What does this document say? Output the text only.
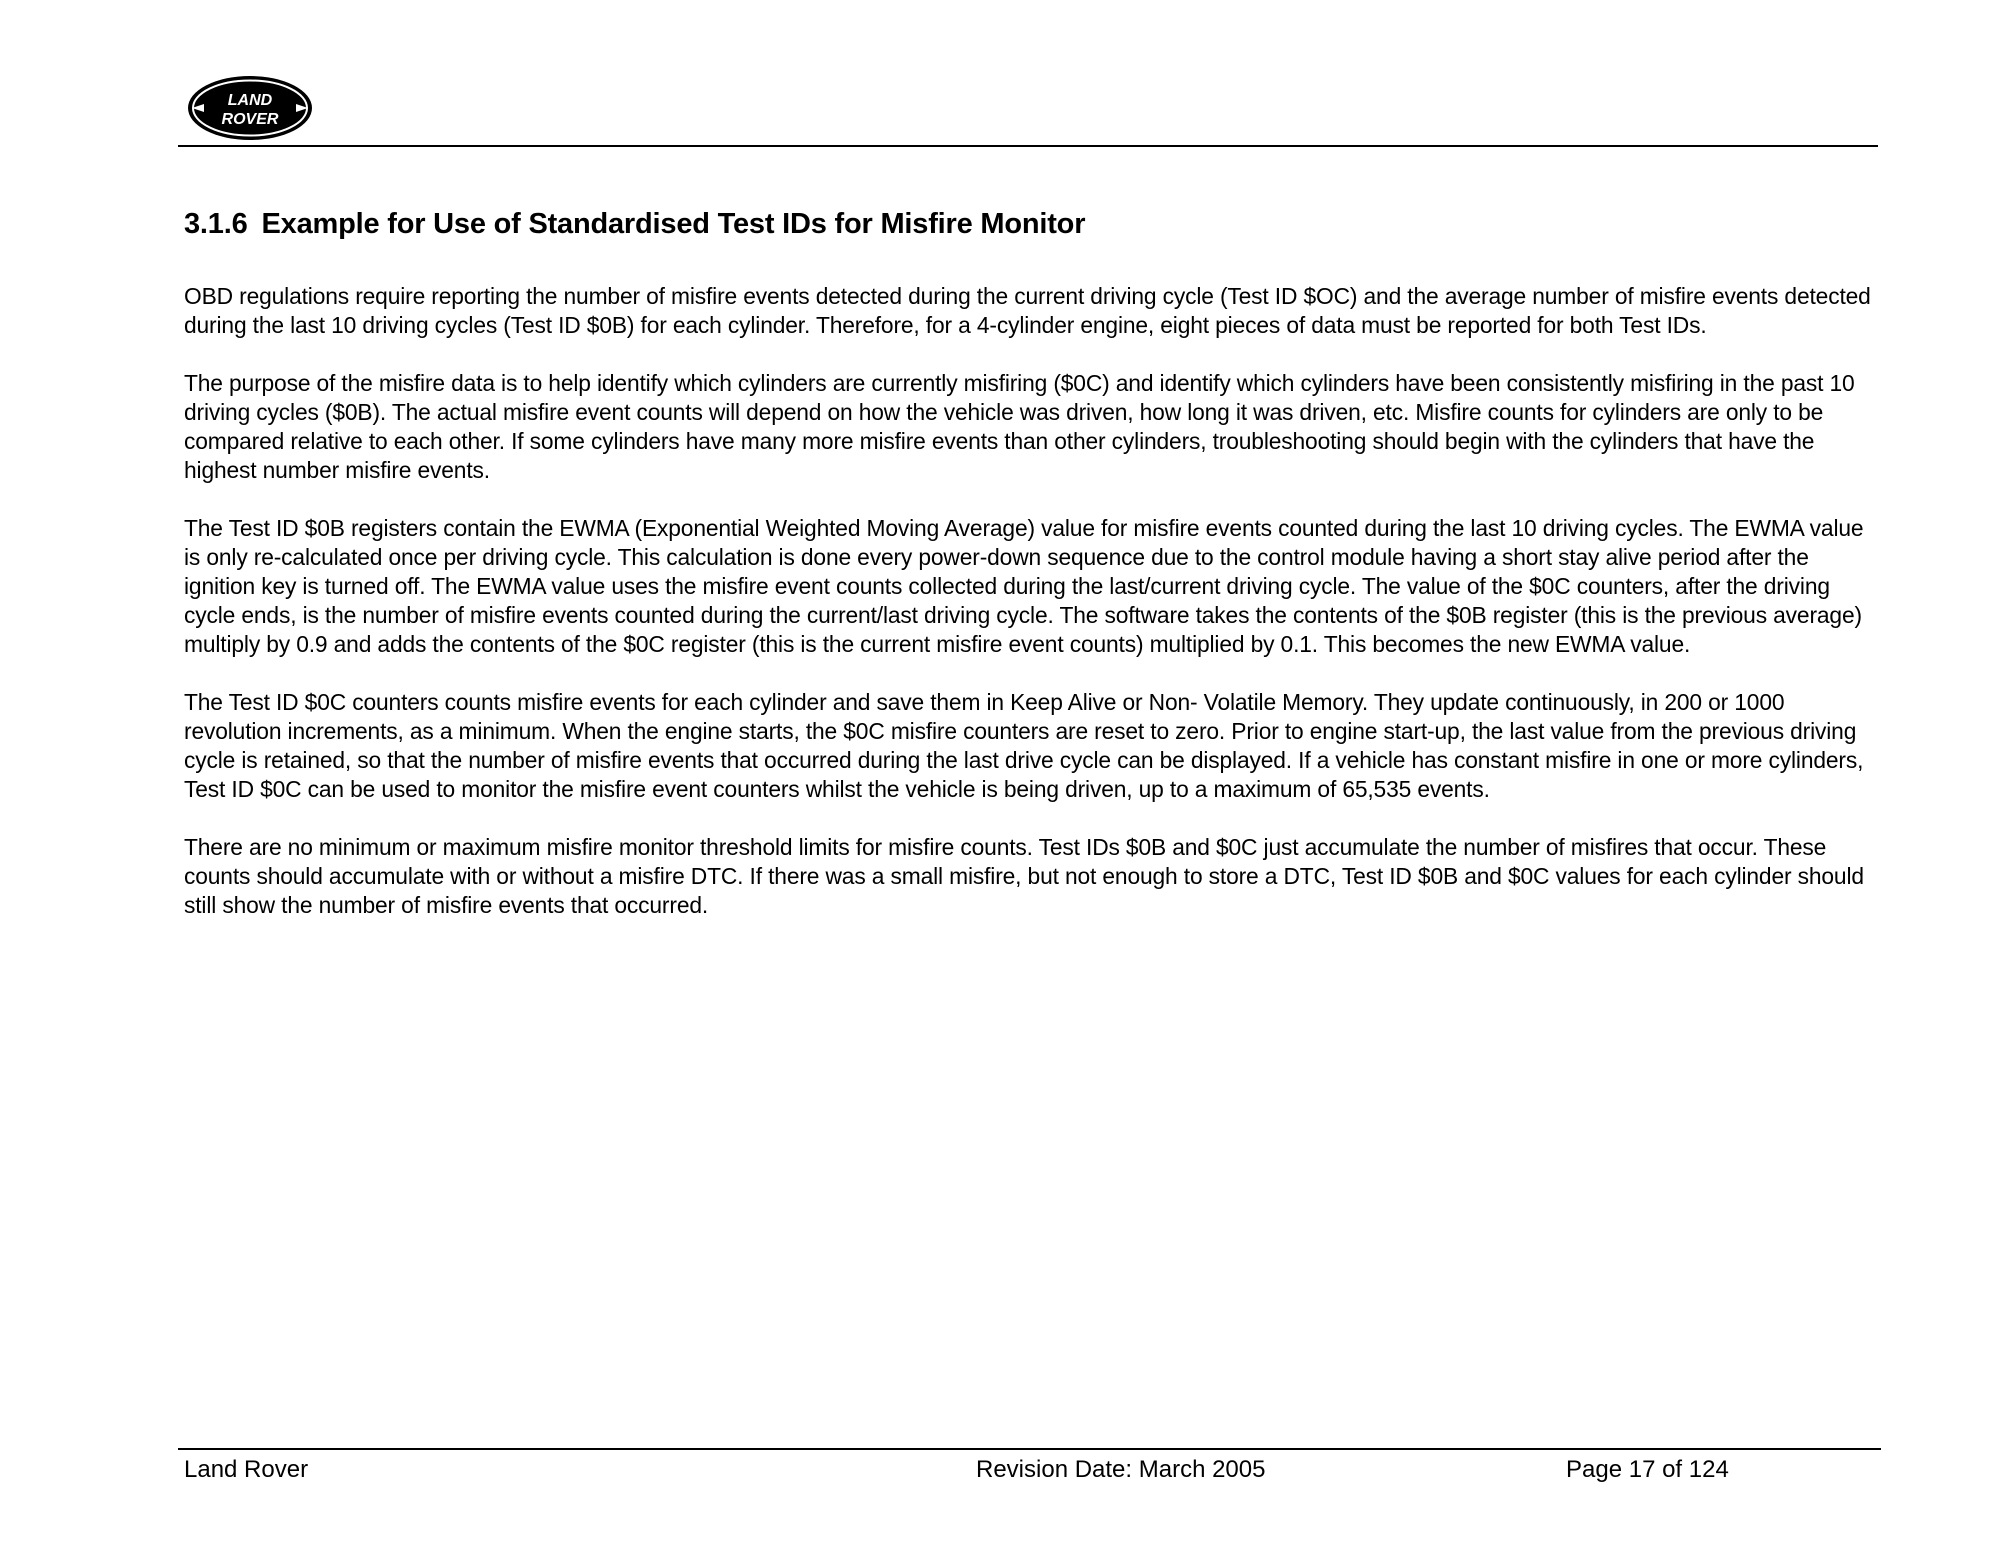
LAND
ROVER
3.1.6 Example for Use of Standardised Test IDs for Misfire Monitor

OBD regulations require reporting the number of misfire events detected during the current driving cycle (Test ID $OC) and the average number of misfire events detected during the last 10 driving cycles (Test ID $0B) for each cylinder. Therefore, for a 4-cylinder engine, eight pieces of data must be reported for both Test IDs.

The purpose of the misfire data is to help identify which cylinders are currently misfiring ($0C) and identify which cylinders have been consistently misfiring in the past 10 driving cycles ($0B). The actual misfire event counts will depend on how the vehicle was driven, how long it was driven, etc. Misfire counts for cylinders are only to be compared relative to each other. If some cylinders have many more misfire events than other cylinders, troubleshooting should begin with the cylinders that have the highest number misfire events.

The Test ID $0B registers contain the EWMA (Exponential Weighted Moving Average) value for misfire events counted during the last 10 driving cycles. The EWMA value is only re-calculated once per driving cycle. This calculation is done every power-down sequence due to the control module having a short stay alive period after the ignition key is turned off. The EWMA value uses the misfire event counts collected during the last/current driving cycle. The value of the $0C counters, after the driving cycle ends, is the number of misfire events counted during the current/last driving cycle. The software takes the contents of the $0B register (this is the previous average) multiply by 0.9 and adds the contents of the $0C register (this is the current misfire event counts) multiplied by 0.1. This becomes the new EWMA value.

The Test ID $0C counters counts misfire events for each cylinder and save them in Keep Alive or Non- Volatile Memory. They update continuously, in 200 or 1000 revolution increments, as a minimum. When the engine starts, the $0C misfire counters are reset to zero. Prior to engine start-up, the last value from the previous driving cycle is retained, so that the number of misfire events that occurred during the last drive cycle can be displayed. If a vehicle has constant misfire in one or more cylinders, Test ID $0C can be used to monitor the misfire event counters whilst the vehicle is being driven, up to a maximum of 65,535 events.

There are no minimum or maximum misfire monitor threshold limits for misfire counts. Test IDs $0B and $0C just accumulate the number of misfires that occur. These counts should accumulate with or without a misfire DTC. If there was a small misfire, but not enough to store a DTC, Test ID $0B and $0C values for each cylinder should still show the number of misfire events that occurred.

Land Rover	Revision Date: March 2005	Page 17 of 124
